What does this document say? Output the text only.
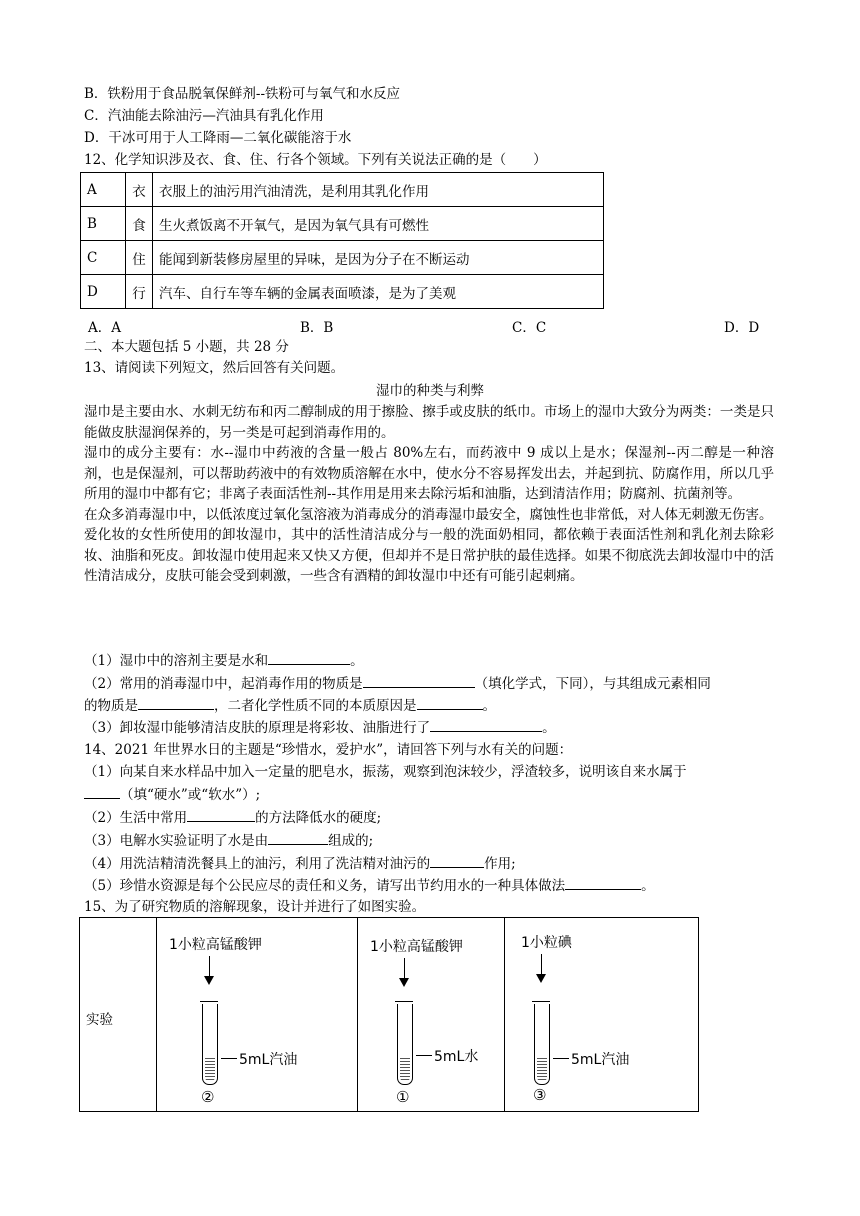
B．铁粉用于食品脱氧保鲜剂--铁粉可与氧气和水反应
C．汽油能去除油污—汽油具有乳化作用
D．干冰可用于人工降雨—二氧化碳能溶于水
12、化学知识涉及衣、食、住、行各个领域。下列有关说法正确的是（　　）
A	衣	衣服上的油污用汽油清洗，是利用其乳化作用
B	食	生火煮饭离不开氧气，是因为氧气具有可燃性
C	住	能闻到新装修房屋里的异味，是因为分子在不断运动
D	行	汽车、自行车等车辆的金属表面喷漆，是为了美观
A．A	B．B	C．C	D．D
二、本大题包括 5 小题，共 28 分
13、请阅读下列短文，然后回答有关问题。
湿巾的种类与利弊

湿巾是主要由水、水刺无纺布和丙二醇制成的用于擦脸、擦手或皮肤的纸巾。市场上的湿巾大致分为两类：一类是只能做皮肤湿润保养的，另一类是可起到消毒作用的。

湿巾的成分主要有：水--湿巾中药液的含量一般占 80%左右，而药液中 9 成以上是水；保湿剂--丙二醇是一种溶剂，也是保湿剂，可以帮助药液中的有效物质溶解在水中，使水分不容易挥发出去，并起到抗、防腐作用，所以几乎所用的湿巾中都有它；非离子表面活性剂--其作用是用来去除污垢和油脂，达到清洁作用；防腐剂、抗菌剂等。

在众多消毒湿巾中，以低浓度过氧化氢溶液为消毒成分的消毒湿巾最安全，腐蚀性也非常低，对人体无刺激无伤害。

爱化妆的女性所使用的卸妆湿巾，其中的活性清洁成分与一般的洗面奶相同，都依赖于表面活性剂和乳化剂去除彩妆、油脂和死皮。卸妆湿巾使用起来又快又方便，但却并不是日常护肤的最佳选择。如果不彻底洗去卸妆湿巾中的活性清洁成分，皮肤可能会受到刺激，一些含有酒精的卸妆湿巾中还有可能引起刺痛。

（1）湿巾中的溶剂主要是水和	。
（2）常用的消毒湿巾中，起消毒作用的物质是	（填化学式，下同），与其组成元素相同
的物质是	，二者化学性质不同的本质原因是	。
（3）卸妆湿巾能够清洁皮肤的原理是将彩妆、油脂进行了	。
14、2021 年世界水日的主题是“珍惜水，爱护水”，请回答下列与水有关的问题：
（1）向某自来水样品中加入一定量的肥皂水，振荡，观察到泡沫较少，浮渣较多，说明该自来水属于
（填“硬水”或“软水”）;
（2）生活中常用	的方法降低水的硬度;
（3）电解水实验证明了水是由	组成的;
（4）用洗洁精清洗餐具上的油污，利用了洗洁精对油污的	作用;
（5）珍惜水资源是每个公民应尽的责任和义务，请写出节约用水的一种具体做法	。
15、为了研究物质的溶解现象，设计并进行了如图实验。
实验
1小粒高锰酸钾
5mL汽油
②
1小粒高锰酸钾
5mL水
①
1小粒碘
5mL汽油
③
